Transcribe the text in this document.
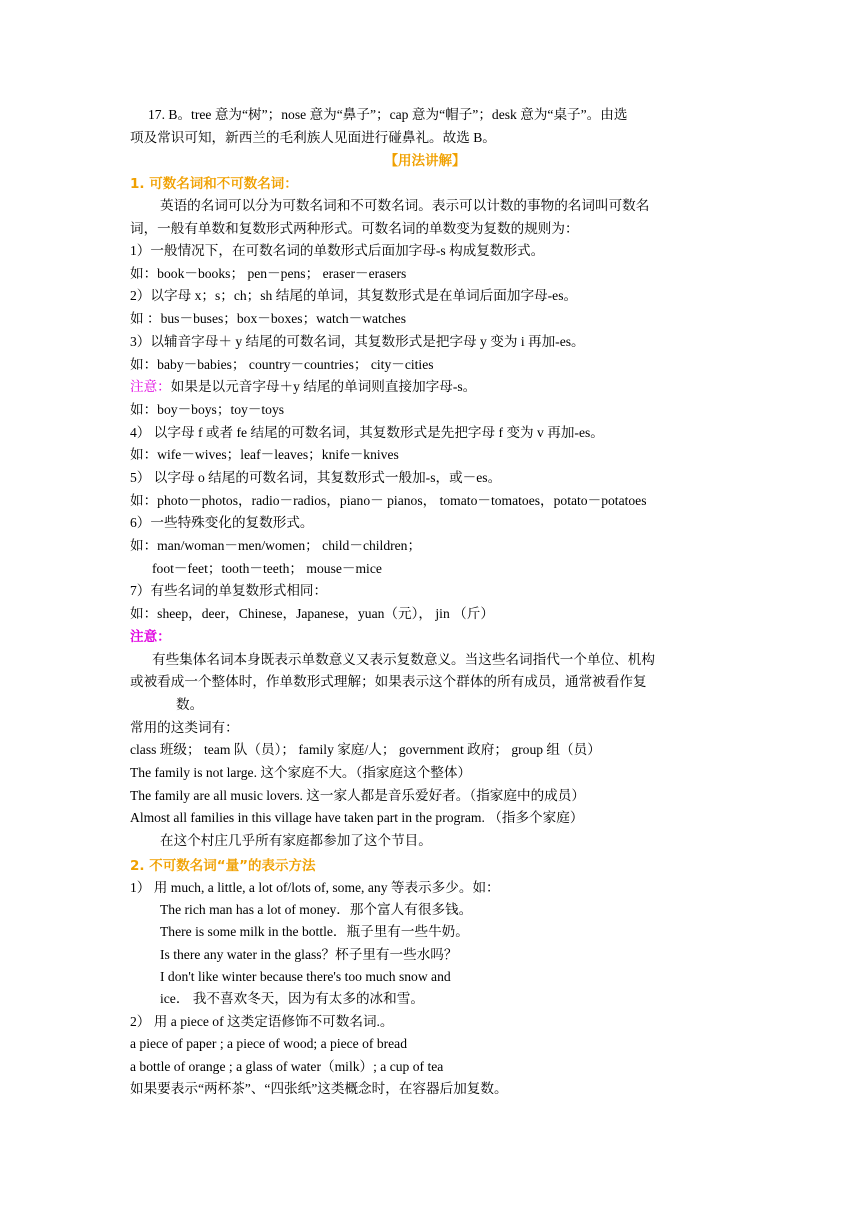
17. B。tree 意为“树”；nose 意为“鼻子”；cap 意为“帽子”；desk 意为“桌子”。由选
项及常识可知，新西兰的毛利族人见面进行碰鼻礼。故选 B。
【用法讲解】
1. 可数名词和不可数名词：
英语的名词可以分为可数名词和不可数名词。表示可以计数的事物的名词叫可数名
词，一般有单数和复数形式两种形式。可数名词的单数变为复数的规则为：
1）一般情况下，在可数名词的单数形式后面加字母-s 构成复数形式。
如：book－books； pen－pens； eraser－erasers
2）以字母 x；s；ch；sh 结尾的单词，其复数形式是在单词后面加字母-es。
如 ：bus－buses；box－boxes；watch－watches
3）以辅音字母＋ y 结尾的可数名词，其复数形式是把字母 y 变为 i 再加-es。
如：baby－babies； country－countries； city－cities
注意：如果是以元音字母＋y 结尾的单词则直接加字母-s。
如：boy－boys；toy－toys
4） 以字母 f 或者 fe 结尾的可数名词，其复数形式是先把字母 f 变为 v 再加-es。
如：wife－wives；leaf－leaves；knife－knives
5） 以字母 o 结尾的可数名词，其复数形式一般加-s，或－es。
如：photo－photos，radio－radios，piano－ pianos， tomato－tomatoes，potato－potatoes
6）一些特殊变化的复数形式。
如：man/woman－men/women； child－children；
foot－feet；tooth－teeth； mouse－mice
7）有些名词的单复数形式相同：
如：sheep，deer，Chinese，Japanese，yuan（元）， jin （斤）
注意：
有些集体名词本身既表示单数意义又表示复数意义。当这些名词指代一个单位、机构
或被看成一个整体时，作单数形式理解；如果表示这个群体的所有成员，通常被看作复
数。
常用的这类词有：
class 班级； team 队（员）； family 家庭/人； government 政府； group 组（员）
The family is not large. 这个家庭不大。（指家庭这个整体）
The family are all music lovers. 这一家人都是音乐爱好者。（指家庭中的成员）
Almost all families in this village have taken part in the program. （指多个家庭）
在这个村庄几乎所有家庭都参加了这个节目。
2. 不可数名词“量”的表示方法
1） 用 much, a little, a lot of/lots of, some, any 等表示多少。如：
The rich man has a lot of money．那个富人有很多钱。
There is some milk in the bottle．瓶子里有一些牛奶。
Is there any water in the glass？杯子里有一些水吗？
I don't like winter because there's too much snow and
ice． 我不喜欢冬天，因为有太多的冰和雪。
2） 用 a piece of 这类定语修饰不可数名词.。
a piece of paper ; a piece of wood; a piece of bread
a bottle of orange ; a glass of water（milk）; a cup of tea
如果要表示“两杯茶”、“四张纸”这类概念时，在容器后加复数。
